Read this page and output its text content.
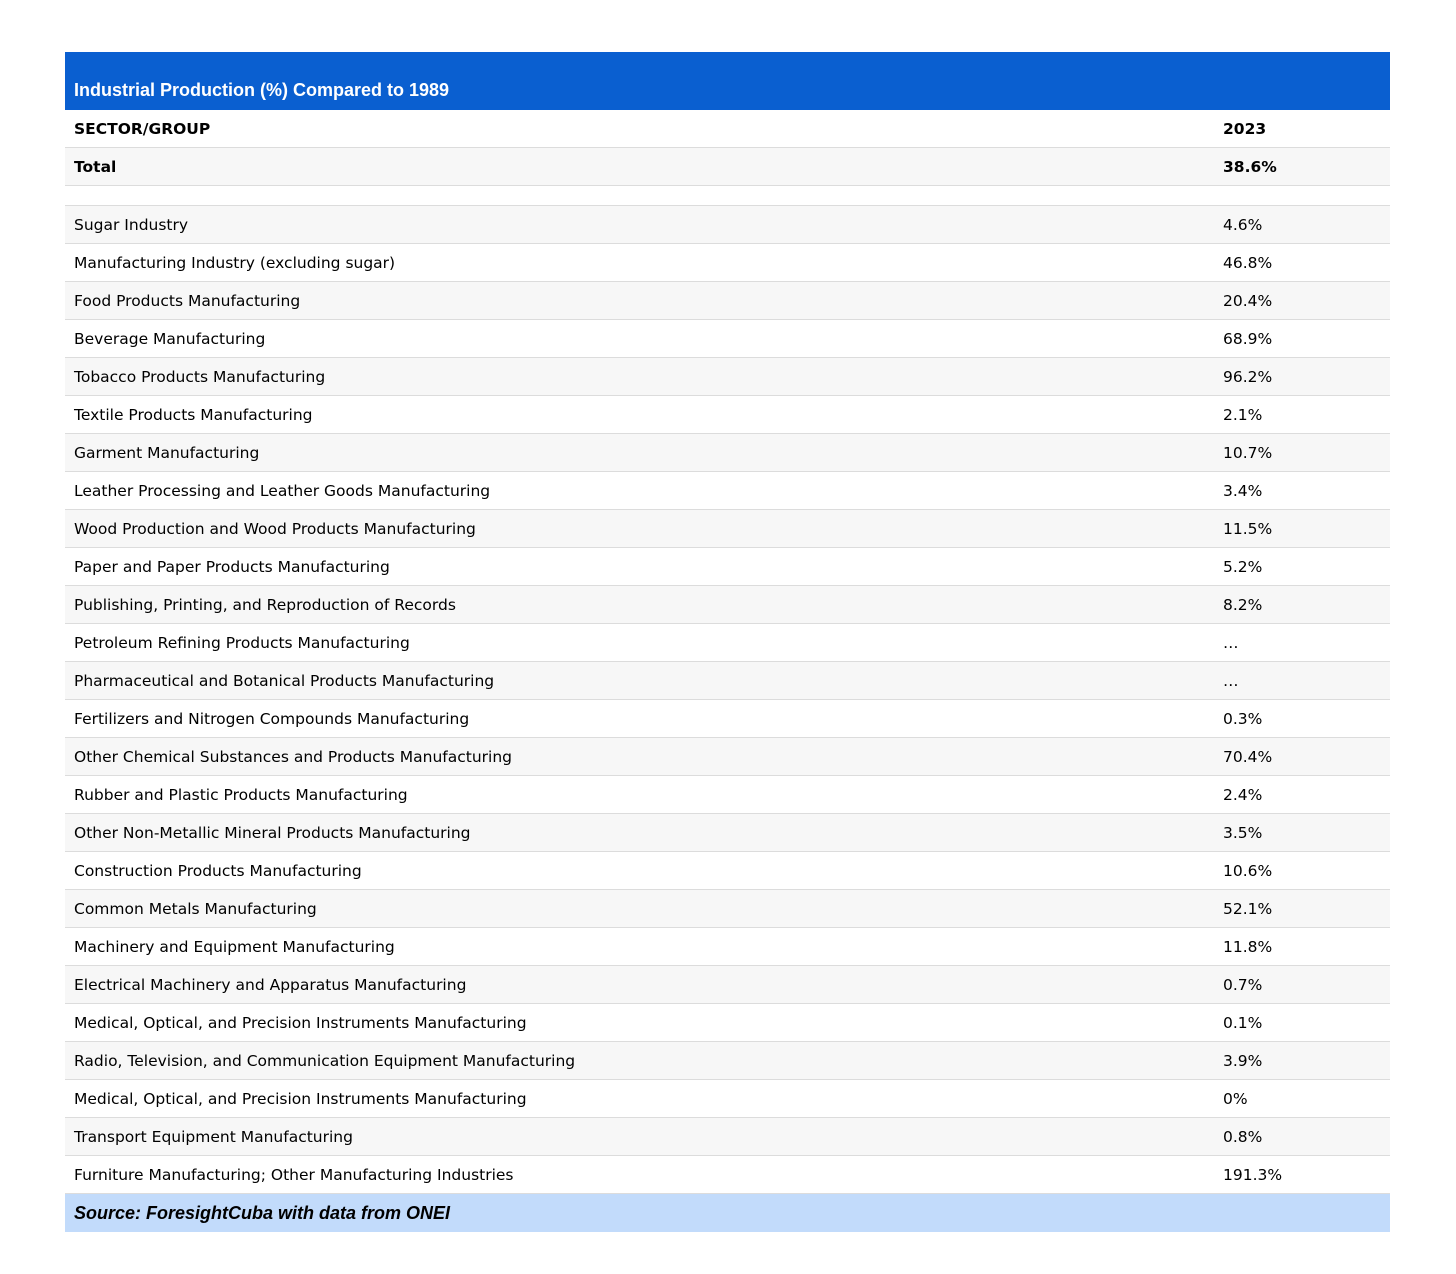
Industrial Production (%) Compared to 1989
SECTOR/GROUP	2023
Total	38.6%
Sugar Industry	4.6%
Manufacturing Industry (excluding sugar)	46.8%
Food Products Manufacturing	20.4%
Beverage Manufacturing	68.9%
Tobacco Products Manufacturing	96.2%
Textile Products Manufacturing	2.1%
Garment Manufacturing	10.7%
Leather Processing and Leather Goods Manufacturing	3.4%
Wood Production and Wood Products Manufacturing	11.5%
Paper and Paper Products Manufacturing	5.2%
Publishing, Printing, and Reproduction of Records	8.2%
Petroleum Refining Products Manufacturing	…
Pharmaceutical and Botanical Products Manufacturing	…
Fertilizers and Nitrogen Compounds Manufacturing	0.3%
Other Chemical Substances and Products Manufacturing	70.4%
Rubber and Plastic Products Manufacturing	2.4%
Other Non-Metallic Mineral Products Manufacturing	3.5%
Construction Products Manufacturing	10.6%
Common Metals Manufacturing	52.1%
Machinery and Equipment Manufacturing	11.8%
Electrical Machinery and Apparatus Manufacturing	0.7%
Medical, Optical, and Precision Instruments Manufacturing	0.1%
Radio, Television, and Communication Equipment Manufacturing	3.9%
Medical, Optical, and Precision Instruments Manufacturing	0%
Transport Equipment Manufacturing	0.8%
Furniture Manufacturing; Other Manufacturing Industries	191.3%
Source: ForesightCuba with data from ONEI
